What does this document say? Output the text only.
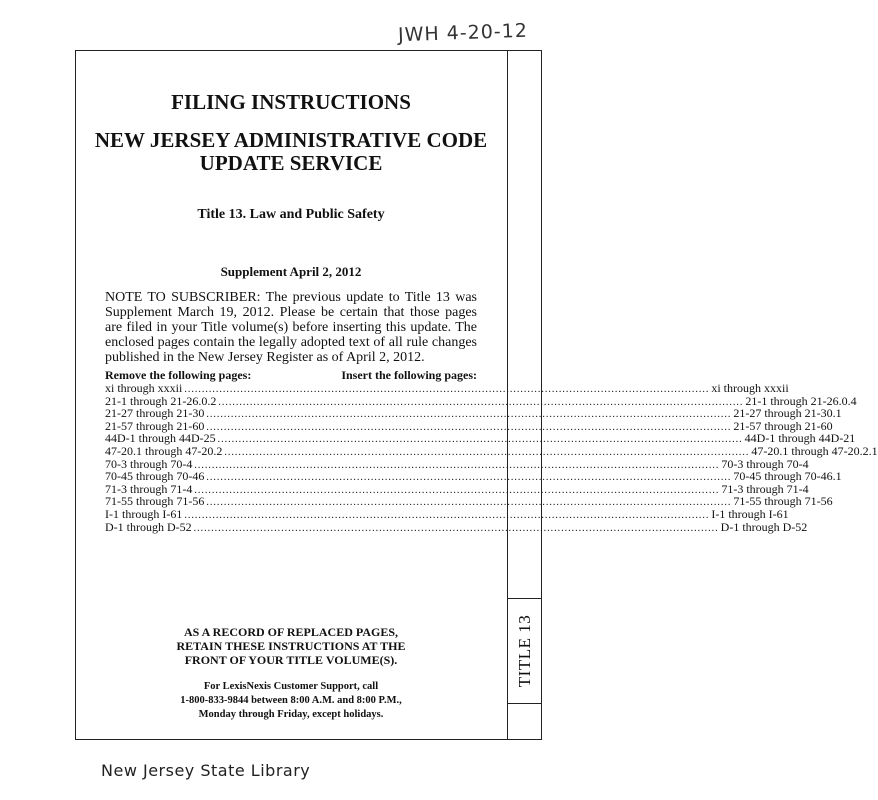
JWH 4-20-12
TITLE 13
FILING INSTRUCTIONS
NEW JERSEY ADMINISTRATIVE CODE
UPDATE SERVICE
Title 13. Law and Public Safety
Supplement April 2, 2012
NOTE TO SUBSCRIBER: The previous update to Title 13 was Supplement March 19, 2012. Please be certain that those pages are filed in your Title volume(s) before inserting this update. The enclosed pages contain the legally adopted text of all rule changes published in the New Jersey Register as of April 2, 2012.
Remove the following pages:	Insert the following pages:
xi through xxxii ...................................................................................................................................................... xi through xxxii
21-1 through 21-26.0.2 ...................................................................................................................................................... 21-1 through 21-26.0.4
21-27 through 21-30 ...................................................................................................................................................... 21-27 through 21-30.1
21-57 through 21-60 ...................................................................................................................................................... 21-57 through 21-60
44D-1 through 44D-25 ...................................................................................................................................................... 44D-1 through 44D-21
47-20.1 through 47-20.2 ...................................................................................................................................................... 47-20.1 through 47-20.2.1
70-3 through 70-4 ...................................................................................................................................................... 70-3 through 70-4
70-45 through 70-46 ...................................................................................................................................................... 70-45 through 70-46.1
71-3 through 71-4 ...................................................................................................................................................... 71-3 through 71-4
71-55 through 71-56 ...................................................................................................................................................... 71-55 through 71-56
I-1 through I-61 ...................................................................................................................................................... I-1 through I-61
D-1 through D-52 ...................................................................................................................................................... D-1 through D-52
AS A RECORD OF REPLACED PAGES,
RETAIN THESE INSTRUCTIONS AT THE
FRONT OF YOUR TITLE VOLUME(S).
For LexisNexis Customer Support, call
1-800-833-9844 between 8:00 A.M. and 8:00 P.M.,
Monday through Friday, except holidays.
New Jersey State Library
